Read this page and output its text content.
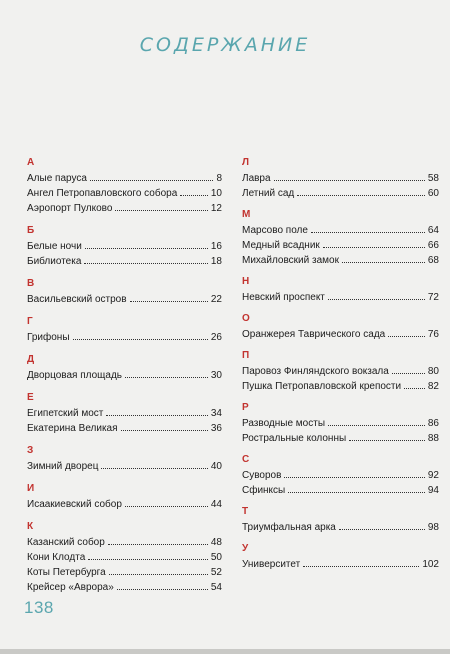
СОДЕРЖАНИЕ
А
Алые паруса	8
Ангел Петропавловского собора	10
Аэропорт Пулково	12
Б
Белые ночи	16
Библиотека	18
В
Васильевский остров	22
Г
Грифоны	26
Д
Дворцовая площадь	30
Е
Египетский мост	34
Екатерина Великая	36
З
Зимний дворец	40
И
Исаакиевский собор	44
К
Казанский собор	48
Кони Клодта	50
Коты Петербурга	52
Крейсер «Аврора»	54
Л
Лавра	58
Летний сад	60
М
Марсово поле	64
Медный всадник	66
Михайловский замок	68
Н
Невский проспект	72
О
Оранжерея Таврического сада	76
П
Паровоз Финляндского вокзала	80
Пушка Петропавловской крепости	82
Р
Разводные мосты	86
Ростральные колонны	88
С
Суворов	92
Сфинксы	94
Т
Триумфальная арка	98
У
Университет	102
138
